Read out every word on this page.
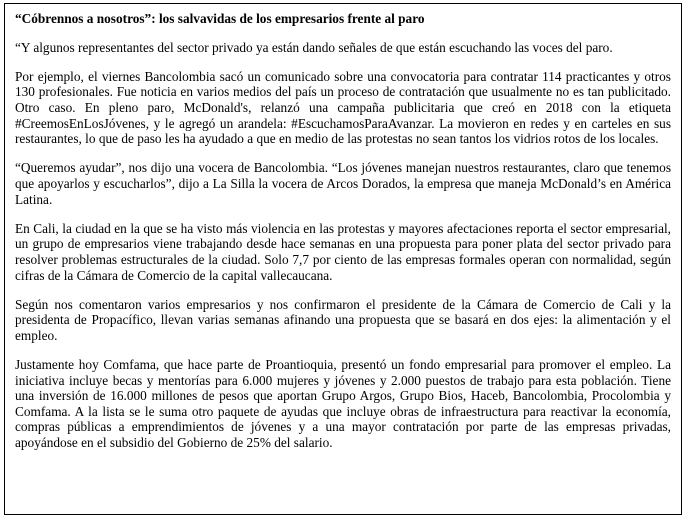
“Cóbrennos a nosotros”: los salvavidas de los empresarios frente al paro

“Y algunos representantes del sector privado ya están dando señales de que están escuchando las voces del paro.

Por ejemplo, el viernes Bancolombia sacó un comunicado sobre una convocatoria para contratar 114 practicantes y otros 130 profesionales. Fue noticia en varios medios del país un proceso de contratación que usualmente no es tan publicitado. Otro caso. En pleno paro, McDonald's, relanzó una campaña publicitaria que creó en 2018 con la etiqueta #CreemosEnLosJóvenes, y le agregó un arandela: #EscuchamosParaAvanzar. La movieron en redes y en carteles en sus restaurantes, lo que de paso les ha ayudado a que en medio de las protestas no sean tantos los vidrios rotos de los locales.

“Queremos ayudar”, nos dijo una vocera de Bancolombia. “Los jóvenes manejan nuestros restaurantes, claro que tenemos que apoyarlos y escucharlos”, dijo a La Silla la vocera de Arcos Dorados, la empresa que maneja McDonald’s en América Latina.

En Cali, la ciudad en la que se ha visto más violencia en las protestas y mayores afectaciones reporta el sector empresarial, un grupo de empresarios viene trabajando desde hace semanas en una propuesta para poner plata del sector privado para resolver problemas estructurales de la ciudad. Solo 7,7 por ciento de las empresas formales operan con normalidad, según cifras de la Cámara de Comercio de la capital vallecaucana.

Según nos comentaron varios empresarios y nos confirmaron el presidente de la Cámara de Comercio de Cali y la presidenta de Propacífico, llevan varias semanas afinando una propuesta que se basará en dos ejes: la alimentación y el empleo.

Justamente hoy Comfama, que hace parte de Proantioquia, presentó un fondo empresarial para promover el empleo. La iniciativa incluye becas y mentorías para 6.000 mujeres y jóvenes y 2.000 puestos de trabajo para esta población. Tiene una inversión de 16.000 millones de pesos que aportan Grupo Argos, Grupo Bios, Haceb, Bancolombia, Procolombia y Comfama. A la lista se le suma otro paquete de ayudas que incluye obras de infraestructura para reactivar la economía, compras públicas a emprendimientos de jóvenes y a una mayor contratación por parte de las empresas privadas, apoyándose en el subsidio del Gobierno de 25% del salario.
